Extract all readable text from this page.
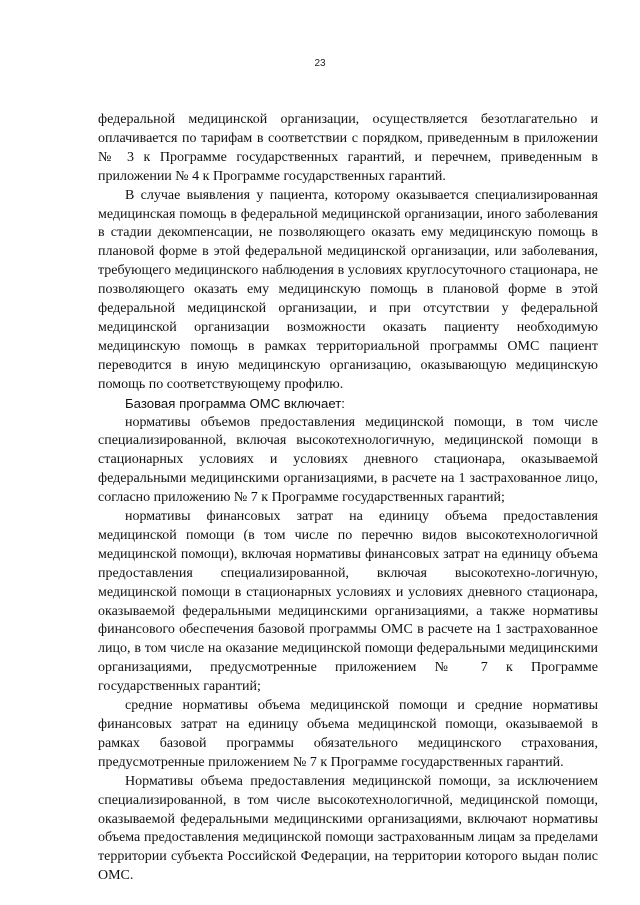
23

федеральной медицинской организации, осуществляется безотлагательно и оплачивается по тарифам в соответствии с порядком, приведенным в приложении № 3 к Программе государственных гарантий, и перечнем, приведенным в приложении № 4 к Программе государственных гарантий.

В случае выявления у пациента, которому оказывается специализированная медицинская помощь в федеральной медицинской организации, иного заболевания в стадии декомпенсации, не позволяющего оказать ему медицинскую помощь в плановой форме в этой федеральной медицинской организации, или заболевания, требующего медицинского наблюдения в условиях круглосуточного стационара, не позволяющего оказать ему медицинскую помощь в плановой форме в этой федеральной медицинской организации, и при отсутствии у федеральной медицинской организации возможности оказать пациенту необходимую медицинскую помощь в рамках территориальной программы ОМС пациент переводится в иную медицинскую организацию, оказывающую медицинскую помощь по соответствующему профилю.

Базовая программа ОМС включает:

нормативы объемов предоставления медицинской помощи, в том числе специализированной, включая высокотехнологичную, медицинской помощи в стационарных условиях и условиях дневного стационара, оказываемой федеральными медицинскими организациями, в расчете на 1 застрахованное лицо, согласно приложению № 7 к Программе государственных гарантий;

нормативы финансовых затрат на единицу объема предоставления медицинской помощи (в том числе по перечню видов высокотехнологичной медицинской помощи), включая нормативы финансовых затрат на единицу объема предоставления специализированной, включая высокотехно-логичную, медицинской помощи в стационарных условиях и условиях дневного стационара, оказываемой федеральными медицинскими организациями, а также нормативы финансового обеспечения базовой программы ОМС в расчете на 1 застрахованное лицо, в том числе на оказание медицинской помощи федеральными медицинскими организациями, предусмотренные приложением № 7 к Программе государственных гарантий;

средние нормативы объема медицинской помощи и средние нормативы финансовых затрат на единицу объема медицинской помощи, оказываемой в рамках базовой программы обязательного медицинского страхования, предусмотренные приложением № 7 к Программе государственных гарантий.

Нормативы объема предоставления медицинской помощи, за исключением специализированной, в том числе высокотехнологичной, медицинской помощи, оказываемой федеральными медицинскими организациями, включают нормативы объема предоставления медицинской помощи застрахованным лицам за пределами территории субъекта Российской Федерации, на территории которого выдан полис ОМС.
